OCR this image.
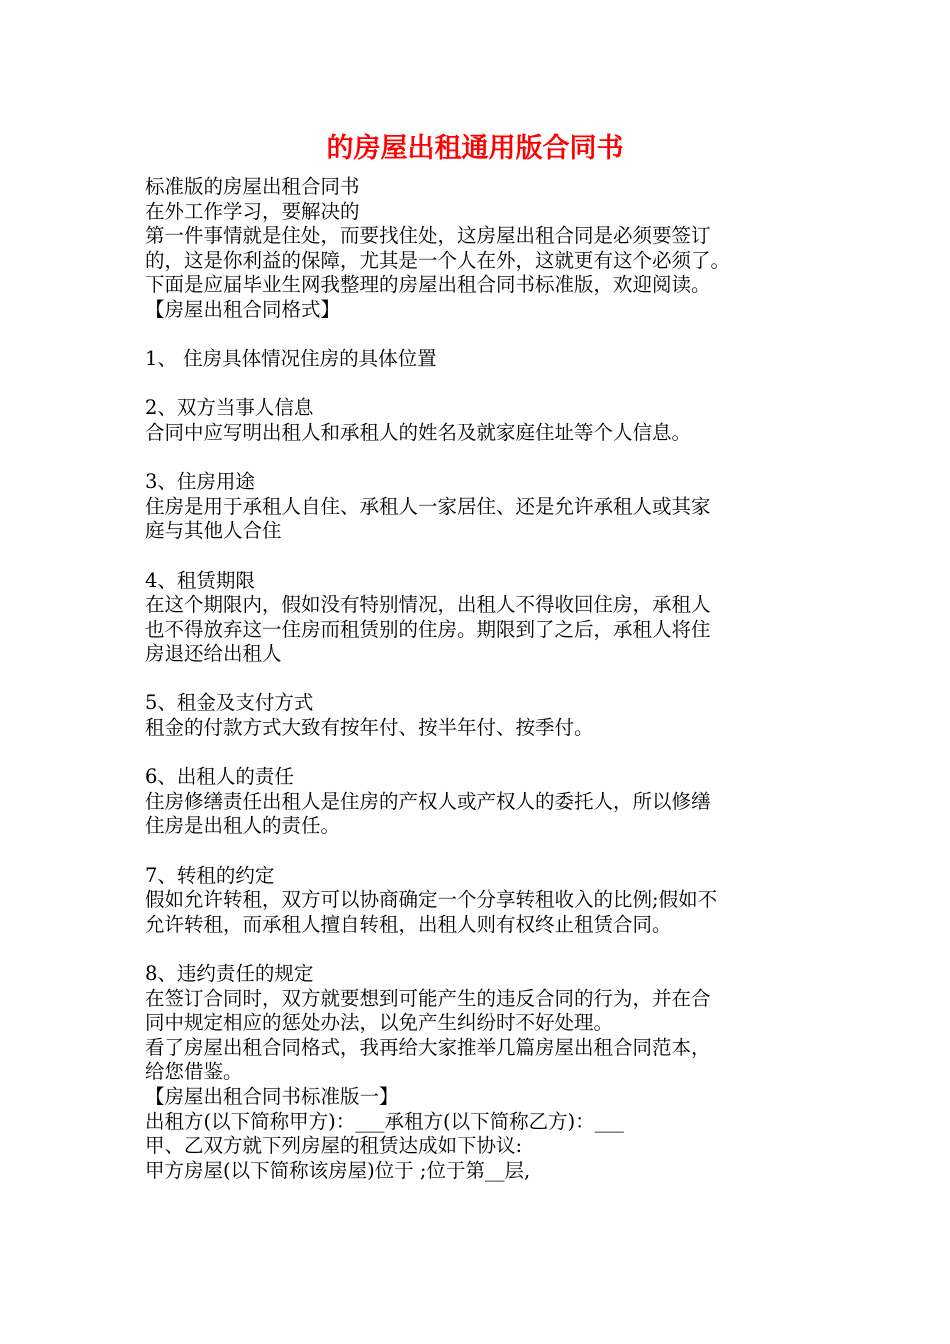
的房屋出租通用版合同书
标准版的房屋出租合同书
在外工作学习，要解决的
第一件事情就是住处，而要找住处，这房屋出租合同是必须要签订
的，这是你利益的保障，尤其是一个人在外，这就更有这个必须了。
下面是应届毕业生网我整理的房屋出租合同书标准版，欢迎阅读。
【房屋出租合同格式】
1、 住房具体情况住房的具体位置
2、双方当事人信息
合同中应写明出租人和承租人的姓名及就家庭住址等个人信息。
3、住房用途
住房是用于承租人自住、承租人一家居住、还是允许承租人或其家
庭与其他人合住
4、租赁期限
在这个期限内，假如没有特别情况，出租人不得收回住房，承租人
也不得放弃这一住房而租赁别的住房。期限到了之后，承租人将住
房退还给出租人
5、租金及支付方式
租金的付款方式大致有按年付、按半年付、按季付。
6、出租人的责任
住房修缮责任出租人是住房的产权人或产权人的委托人，所以修缮
住房是出租人的责任。
7、转租的约定
假如允许转租，双方可以协商确定一个分享转租收入的比例;假如不
允许转租，而承租人擅自转租，出租人则有权终止租赁合同。
8、违约责任的规定
在签订合同时，双方就要想到可能产生的违反合同的行为，并在合
同中规定相应的惩处办法，以免产生纠纷时不好处理。
看了房屋出租合同格式，我再给大家推举几篇房屋出租合同范本，
给您借鉴。
【房屋出租合同书标准版一】
出租方(以下简称甲方)：___承租方(以下简称乙方)：___
甲、乙双方就下列房屋的租赁达成如下协议:
甲方房屋(以下简称该房屋)位于 ;位于第__层,
